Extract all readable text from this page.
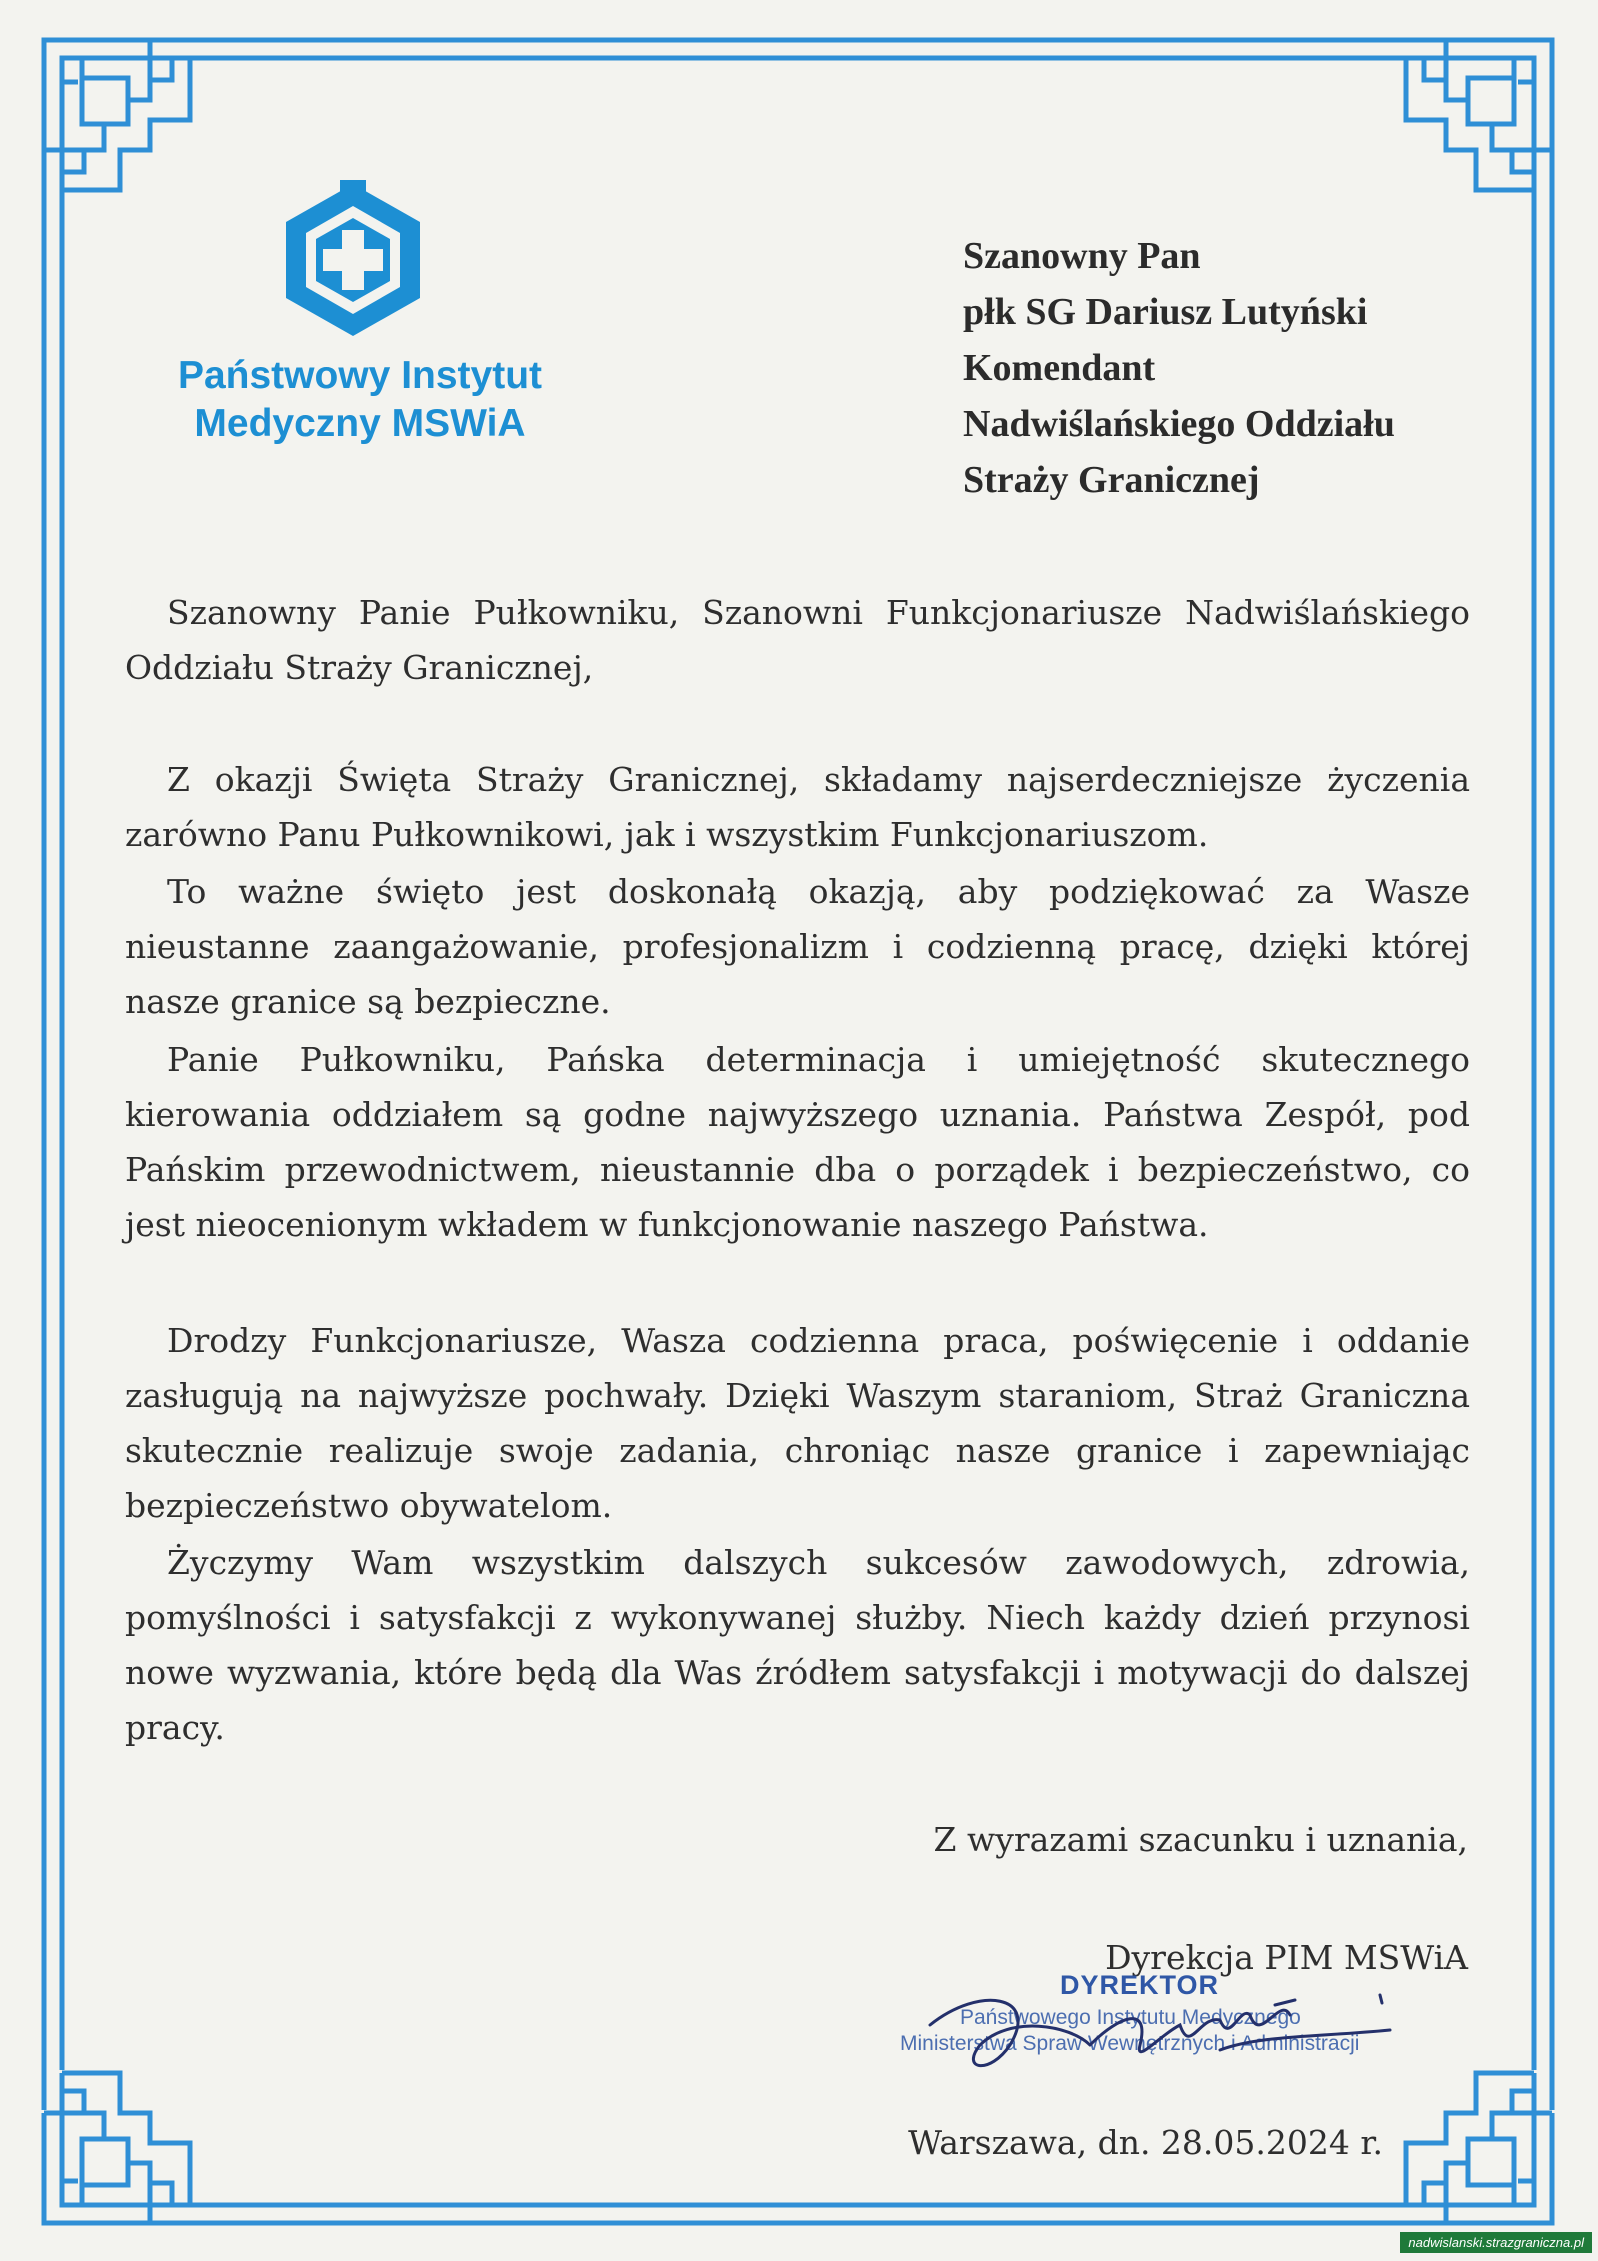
Państwowy Instytut
Medyczny MSWiA
Szanowny Pan
płk SG Dariusz Lutyński
Komendant
Nadwiślańskiego Oddziału
Straży Granicznej

Szanowny Panie Pułkowniku, Szanowni Funkcjonariusze Nadwiślańskiego Oddziału Straży Granicznej,

Z okazji Święta Straży Granicznej, składamy najserdeczniejsze życzenia zarówno Panu Pułkownikowi, jak i wszystkim Funkcjonariuszom.

To ważne święto jest doskonałą okazją, aby podziękować za Wasze nieustanne zaangażowanie, profesjonalizm i codzienną pracę, dzięki której nasze granice są bezpieczne.

Panie Pułkowniku, Pańska determinacja i umiejętność skutecznego kierowania oddziałem są godne najwyższego uznania. Państwa Zespół, pod Pańskim przewodnictwem, nieustannie dba o porządek i bezpieczeństwo, co jest nieocenionym wkładem w funkcjonowanie naszego Państwa.

Drodzy Funkcjonariusze, Wasza codzienna praca, poświęcenie i oddanie zasługują na najwyższe pochwały. Dzięki Waszym staraniom, Straż Graniczna skutecznie realizuje swoje zadania, chroniąc nasze granice i zapewniając bezpieczeństwo obywatelom.

Życzymy Wam wszystkim dalszych sukcesów zawodowych, zdrowia, pomyślności i satysfakcji z wykonywanej służby. Niech każdy dzień przynosi nowe wyzwania, które będą dla Was źródłem satysfakcji i motywacji do dalszej pracy.

Z wyrazami szacunku i uznania,
Dyrekcja PIM MSWiA
DYREKTOR
Państwowego Instytutu Medycznego
Ministerstwa Spraw Wewnętrznych i Administracji
Warszawa, dn. 28.05.2024 r.
nadwislanski.strazgraniczna.pl
